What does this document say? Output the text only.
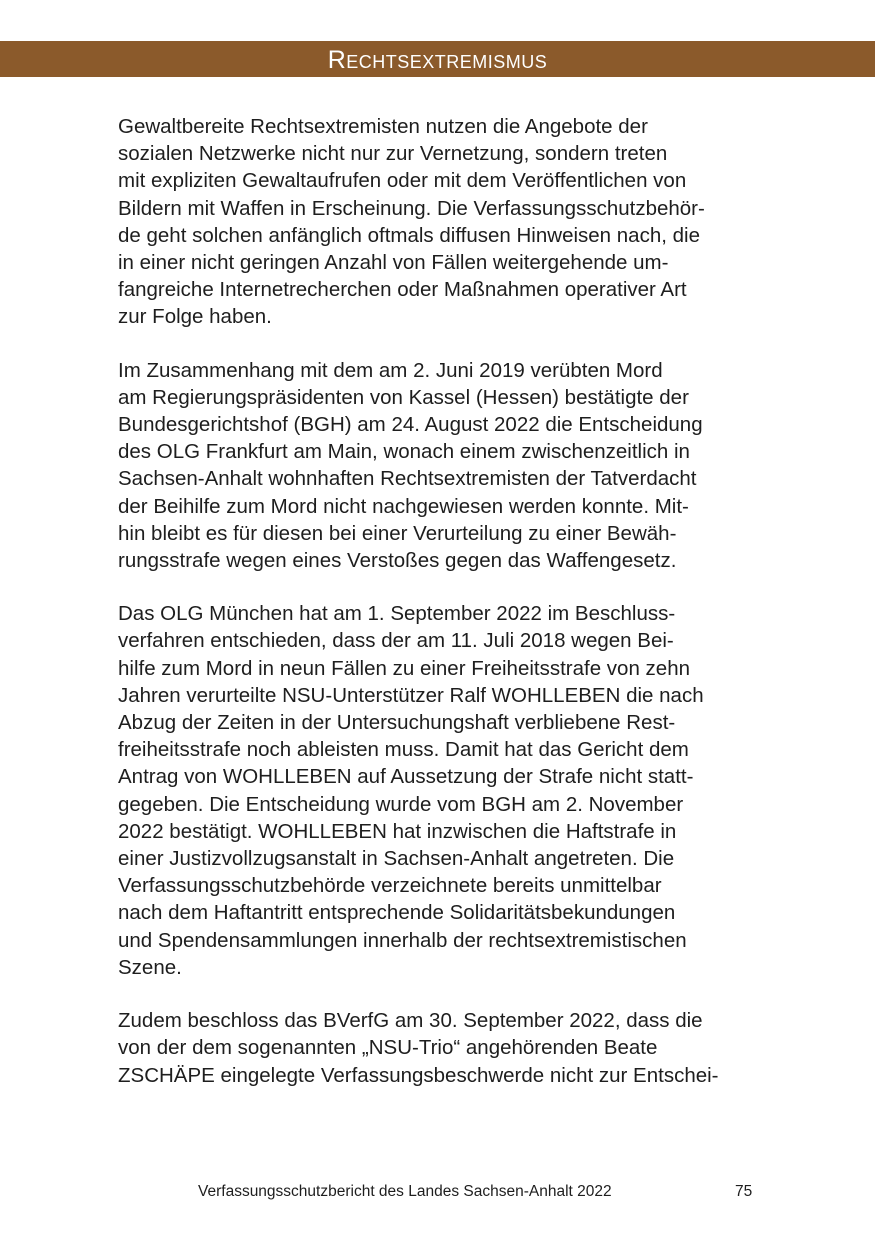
Rechtsextremismus

Gewaltbereite Rechtsextremisten nutzen die Angebote der
sozialen Netzwerke nicht nur zur Vernetzung, sondern treten
mit expliziten Gewaltaufrufen oder mit dem Veröffentlichen von
Bildern mit Waffen in Erscheinung. Die Verfassungsschutzbehör-
de geht solchen anfänglich oftmals diffusen Hinweisen nach, die
in einer nicht geringen Anzahl von Fällen weitergehende um-
fangreiche Internetrecherchen oder Maßnahmen operativer Art
zur Folge haben.

Im Zusammenhang mit dem am 2. Juni 2019 verübten Mord
am Regierungspräsidenten von Kassel (Hessen) bestätigte der
Bundesgerichtshof (BGH) am 24. August 2022 die Entscheidung
des OLG Frankfurt am Main, wonach einem zwischenzeitlich in
Sachsen-Anhalt wohnhaften Rechtsextremisten der Tatverdacht
der Beihilfe zum Mord nicht nachgewiesen werden konnte. Mit-
hin bleibt es für diesen bei einer Verurteilung zu einer Bewäh-
rungsstrafe wegen eines Verstoßes gegen das Waffengesetz.

Das OLG München hat am 1. September 2022 im Beschluss-
verfahren entschieden, dass der am 11. Juli 2018 wegen Bei-
hilfe zum Mord in neun Fällen zu einer Freiheitsstrafe von zehn
Jahren verurteilte NSU-Unterstützer Ralf WOHLLEBEN die nach
Abzug der Zeiten in der Untersuchungshaft verbliebene Rest-
freiheitsstrafe noch ableisten muss. Damit hat das Gericht dem
Antrag von WOHLLEBEN auf Aussetzung der Strafe nicht statt-
gegeben. Die Entscheidung wurde vom BGH am 2. November
2022 bestätigt. WOHLLEBEN hat inzwischen die Haftstrafe in
einer Justizvollzugsanstalt in Sachsen-Anhalt angetreten. Die
Verfassungsschutzbehörde verzeichnete bereits unmittelbar
nach dem Haftantritt entsprechende Solidaritätsbekundungen
und Spendensammlungen innerhalb der rechtsextremistischen
Szene.

Zudem beschloss das BVerfG am 30. September 2022, dass die
von der dem sogenannten „NSU-Trio“ angehörenden Beate
ZSCHÄPE eingelegte Verfassungsbeschwerde nicht zur Entschei-

Verfassungsschutzbericht des Landes Sachsen-Anhalt 2022	75
